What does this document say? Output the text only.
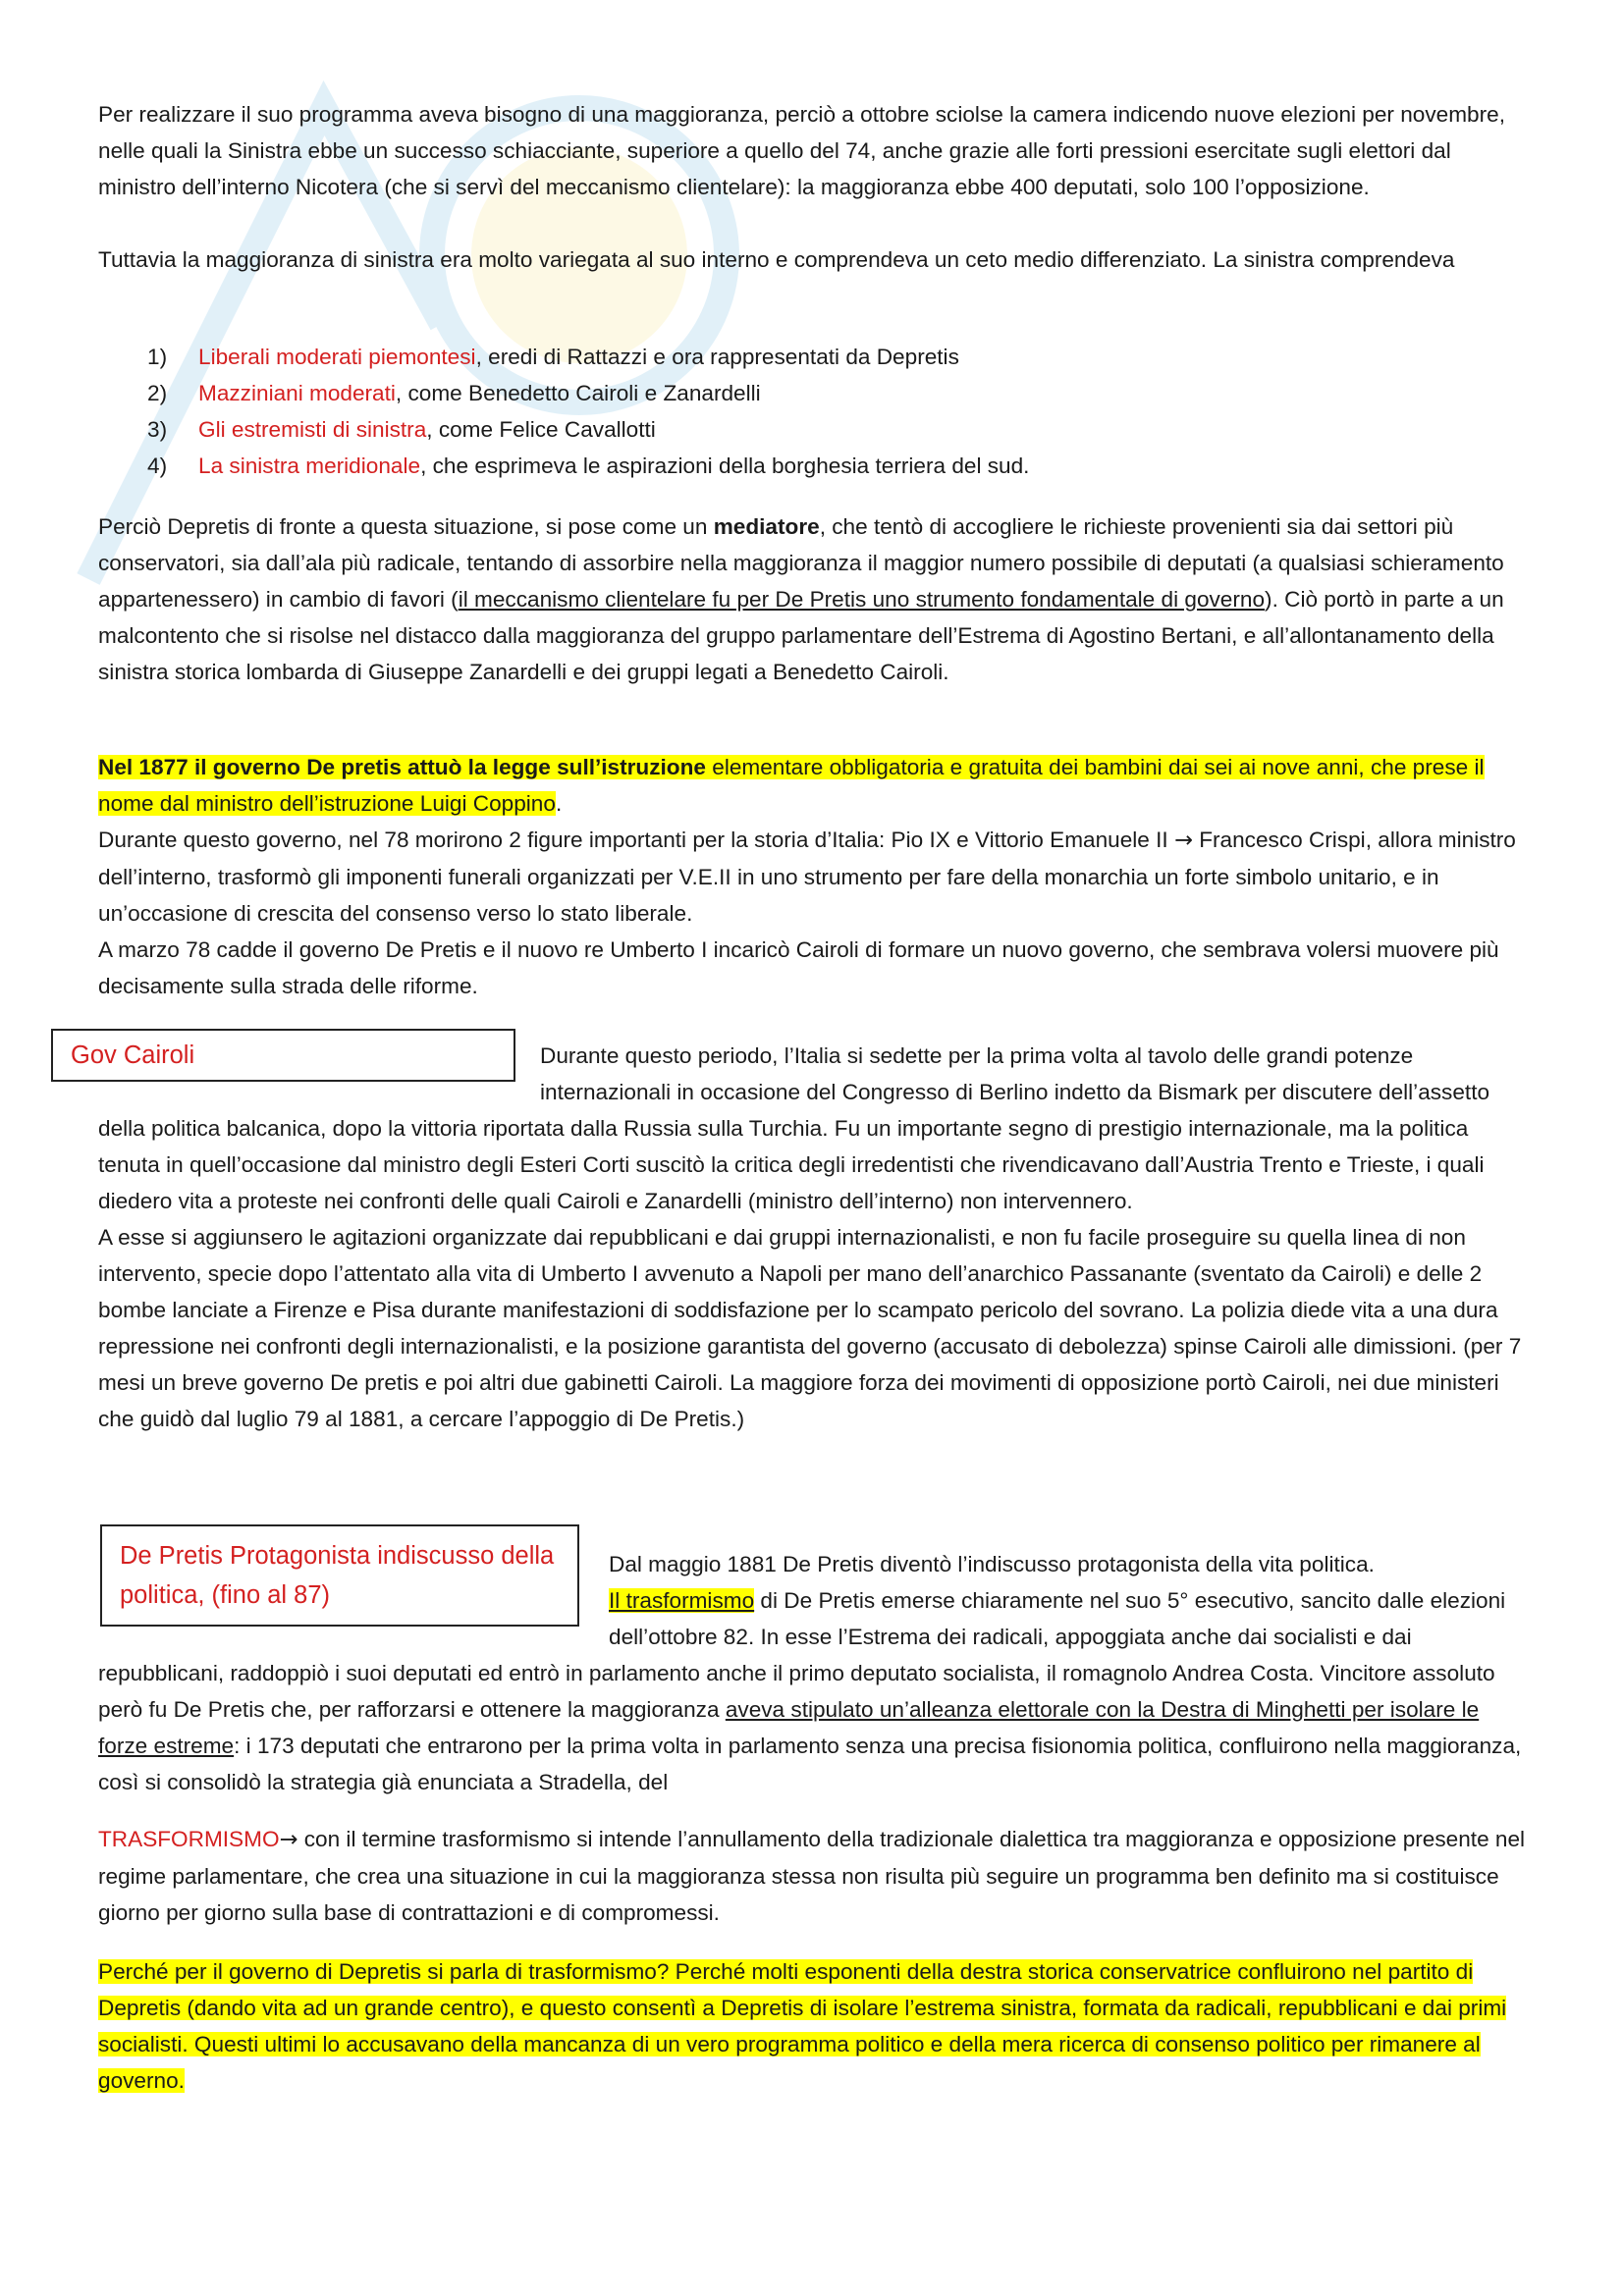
Per realizzare il suo programma aveva bisogno di una maggioranza, perciò a ottobre sciolse la camera indicendo nuove elezioni per novembre, nelle quali la Sinistra ebbe un successo schiacciante, superiore a quello del 74, anche grazie alle forti pressioni esercitate sugli elettori dal ministro dell’interno Nicotera (che si servì del meccanismo clientelare): la maggioranza ebbe 400 deputati, solo 100 l’opposizione.

Tuttavia la maggioranza di sinistra era molto variegata al suo interno e comprendeva un ceto medio differenziato. La sinistra comprendeva

1)	Liberali moderati piemontesi, eredi di Rattazzi e ora rappresentati da Depretis
2)	Mazziniani moderati, come Benedetto Cairoli e Zanardelli
3)	Gli estremisti di sinistra, come Felice Cavallotti
4)	La sinistra meridionale, che esprimeva le aspirazioni della borghesia terriera del sud.

Perciò Depretis di fronte a questa situazione, si pose come un mediatore, che tentò di accogliere le richieste provenienti sia dai settori più conservatori, sia dall’ala più radicale, tentando di assorbire nella maggioranza il maggior numero possibile di deputati (a qualsiasi schieramento appartenessero) in cambio di favori (il meccanismo clientelare fu per De Pretis uno strumento fondamentale di governo). Ciò portò in parte a un malcontento che si risolse nel distacco dalla maggioranza del gruppo parlamentare dell’Estrema di Agostino Bertani, e all’allontanamento della sinistra storica lombarda di Giuseppe Zanardelli e dei gruppi legati a Benedetto Cairoli.

Nel 1877 il governo De pretis attuò la legge sull’istruzione elementare obbligatoria e gratuita dei bambini dai sei ai nove anni, che prese il nome dal ministro dell’istruzione Luigi Coppino.
Durante questo governo, nel 78 morirono 2 figure importanti per la storia d’Italia: Pio IX e Vittorio Emanuele II → Francesco Crispi, allora ministro dell’interno, trasformò gli imponenti funerali organizzati per V.E.II in uno strumento per fare della monarchia un forte simbolo unitario, e in un’occasione di crescita del consenso verso lo stato liberale.
A marzo 78 cadde il governo De Pretis e il nuovo re Umberto I incaricò Cairoli di formare un nuovo governo, che sembrava volersi muovere più decisamente sulla strada delle riforme.
Gov Cairoli	Durante questo periodo, l’Italia si sedette per la prima volta al tavolo delle grandi potenze internazionali in occasione del Congresso di Berlino indetto da Bismark per discutere dell’assetto della politica balcanica, dopo la vittoria riportata dalla Russia sulla Turchia. Fu un importante segno di prestigio internazionale, ma la politica tenuta in quell’occasione dal ministro degli Esteri Corti suscitò la critica degli irredentisti che rivendicavano dall’Austria Trento e Trieste, i quali diedero vita a proteste nei confronti delle quali Cairoli e Zanardelli (ministro dell’interno) non intervennero.
A esse si aggiunsero le agitazioni organizzate dai repubblicani e dai gruppi internazionalisti, e non fu facile proseguire su quella linea di non intervento, specie dopo l’attentato alla vita di Umberto I avvenuto a Napoli per mano dell’anarchico Passanante (sventato da Cairoli) e delle 2 bombe lanciate a Firenze e Pisa durante manifestazioni di soddisfazione per lo scampato pericolo del sovrano. La polizia diede vita a una dura repressione nei confronti degli internazionalisti, e la posizione garantista del governo (accusato di debolezza) spinse Cairoli alle dimissioni. (per 7 mesi un breve governo De pretis e poi altri due gabinetti Cairoli. La maggiore forza dei movimenti di opposizione portò Cairoli, nei due ministeri che guidò dal luglio 79 al 1881, a cercare l’appoggio di De Pretis.)
De Pretis Protagonista indiscusso della politica, (fino al 87)
Dal maggio 1881 De Pretis diventò l’indiscusso protagonista della vita politica.
Il trasformismo di De Pretis emerse chiaramente nel suo 5° esecutivo, sancito dalle elezioni dell’ottobre 82. In esse l’Estrema dei radicali, appoggiata anche dai socialisti e dai repubblicani, raddoppiò i suoi deputati ed entrò in parlamento anche il primo deputato socialista, il romagnolo Andrea Costa. Vincitore assoluto però fu De Pretis che, per rafforzarsi e ottenere la maggioranza aveva stipulato un’alleanza elettorale con la Destra di Minghetti per isolare le forze estreme: i 173 deputati che entrarono per la prima volta in parlamento senza una precisa fisionomia politica, confluirono nella maggioranza, così si consolidò la strategia già enunciata a Stradella, del

TRASFORMISMO→ con il termine trasformismo si intende l’annullamento della tradizionale dialettica tra maggioranza e opposizione presente nel regime parlamentare, che crea una situazione in cui la maggioranza stessa non risulta più seguire un programma ben definito ma si costituisce giorno per giorno sulla base di contrattazioni e di compromessi.

Perché per il governo di Depretis si parla di trasformismo? Perché molti esponenti della destra storica conservatrice confluirono nel partito di Depretis (dando vita ad un grande centro), e questo consentì a Depretis di isolare l’estrema sinistra, formata da radicali, repubblicani e dai primi socialisti. Questi ultimi lo accusavano della mancanza di un vero programma politico e della mera ricerca di consenso politico per rimanere al governo.
